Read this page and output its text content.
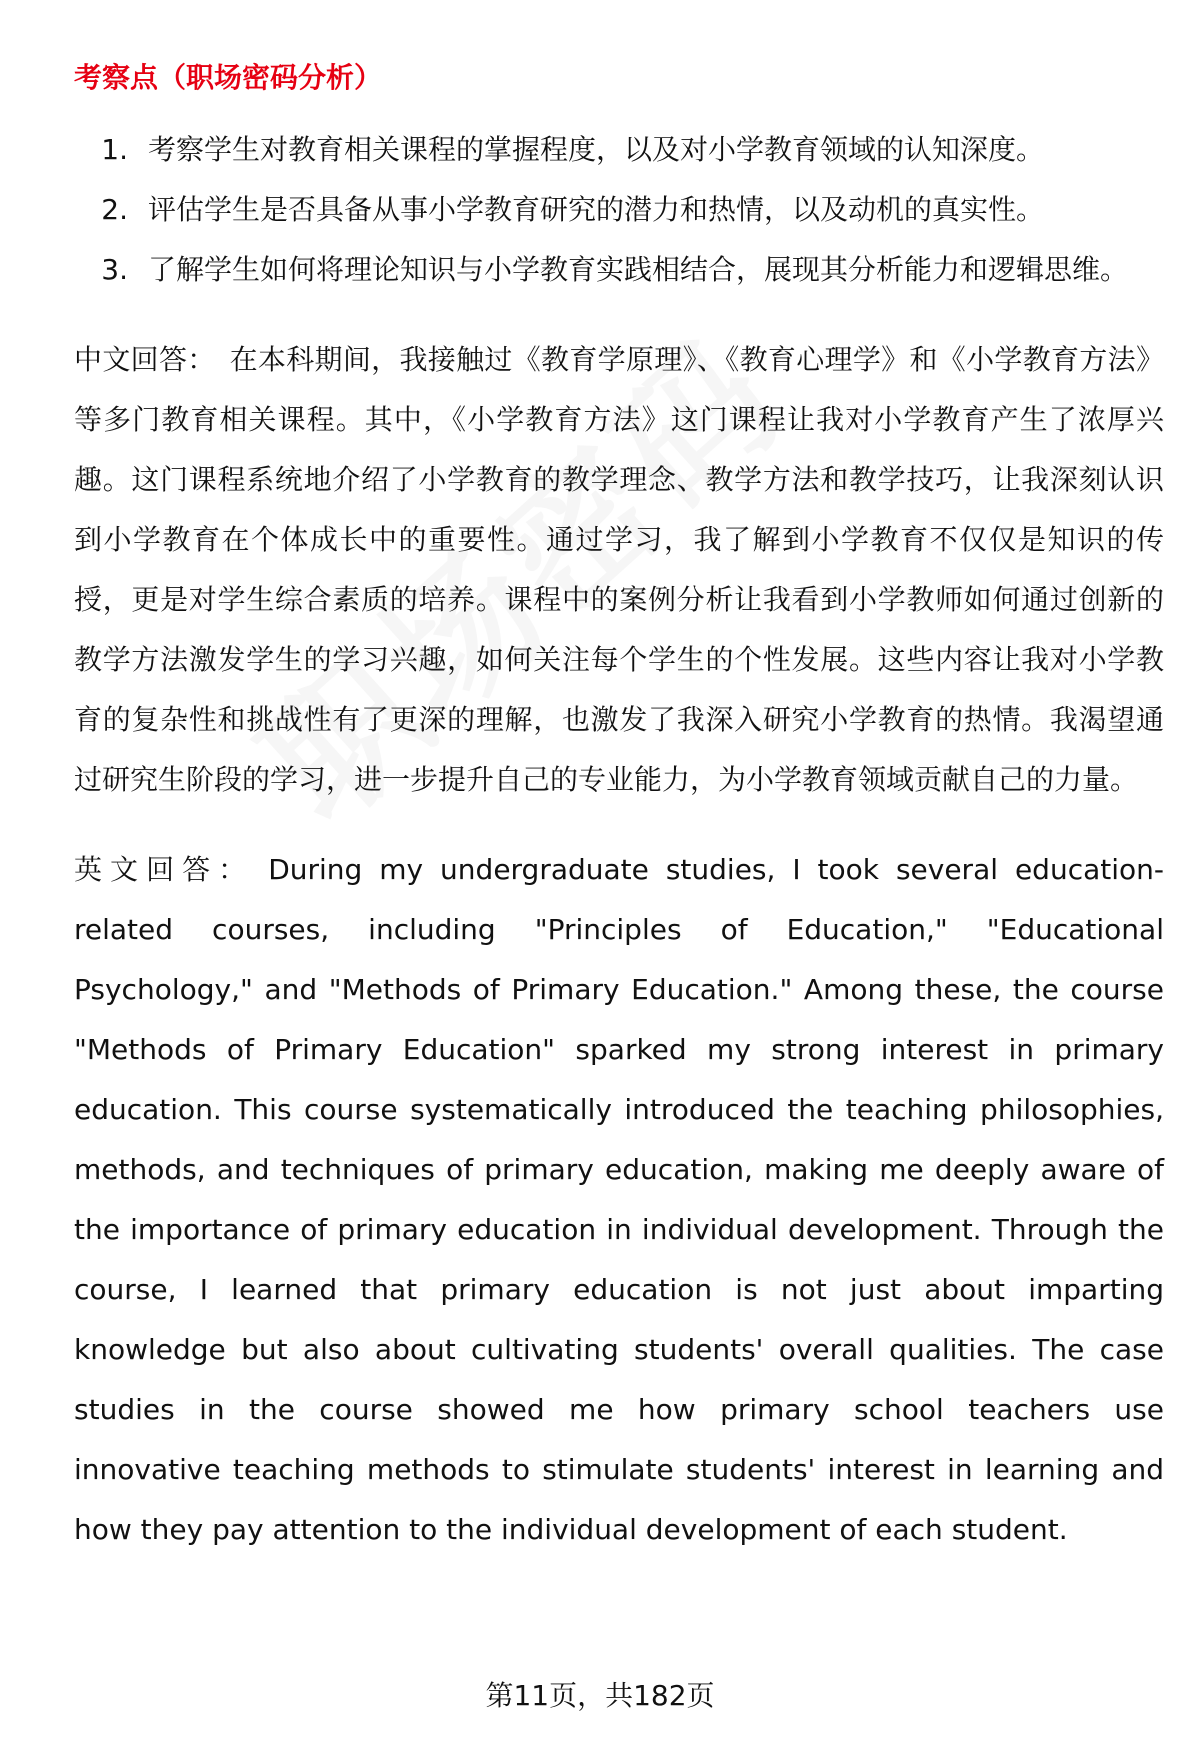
考察点（职场密码分析）
1. 考察学生对教育相关课程的掌握程度，以及对小学教育领域的认知深度。
2. 评估学生是否具备从事小学教育研究的潜力和热情，以及动机的真实性。
3. 了解学生如何将理论知识与小学教育实践相结合，展现其分析能力和逻辑思维。

中文回答： 在本科期间，我接触过《教育学原理》、《教育心理学》和《小学教育方法》等多门教育相关课程。其中，《小学教育方法》这门课程让我对小学教育产生了浓厚兴趣。这门课程系统地介绍了小学教育的教学理念、教学方法和教学技巧，让我深刻认识到小学教育在个体成长中的重要性。通过学习，我了解到小学教育不仅仅是知识的传授，更是对学生综合素质的培养。课程中的案例分析让我看到小学教师如何通过创新的教学方法激发学生的学习兴趣，如何关注每个学生的个性发展。这些内容让我对小学教育的复杂性和挑战性有了更深的理解，也激发了我深入研究小学教育的热情。我渴望通过研究生阶段的学习，进一步提升自己的专业能力，为小学教育领域贡献自己的力量。

英文回答： During my undergraduate studies, I took several education-related courses, including "Principles of Education," "Educational Psychology," and "Methods of Primary Education." Among these, the course "Methods of Primary Education" sparked my strong interest in primary education. This course systematically introduced the teaching philosophies, methods, and techniques of primary education, making me deeply aware of the importance of primary education in individual development. Through the course, I learned that primary education is not just about imparting knowledge but also about cultivating students' overall qualities. The case studies in the course showed me how primary school teachers use innovative teaching methods to stimulate students' interest in learning and how they pay attention to the individual development of each student.

第11页，共182页
